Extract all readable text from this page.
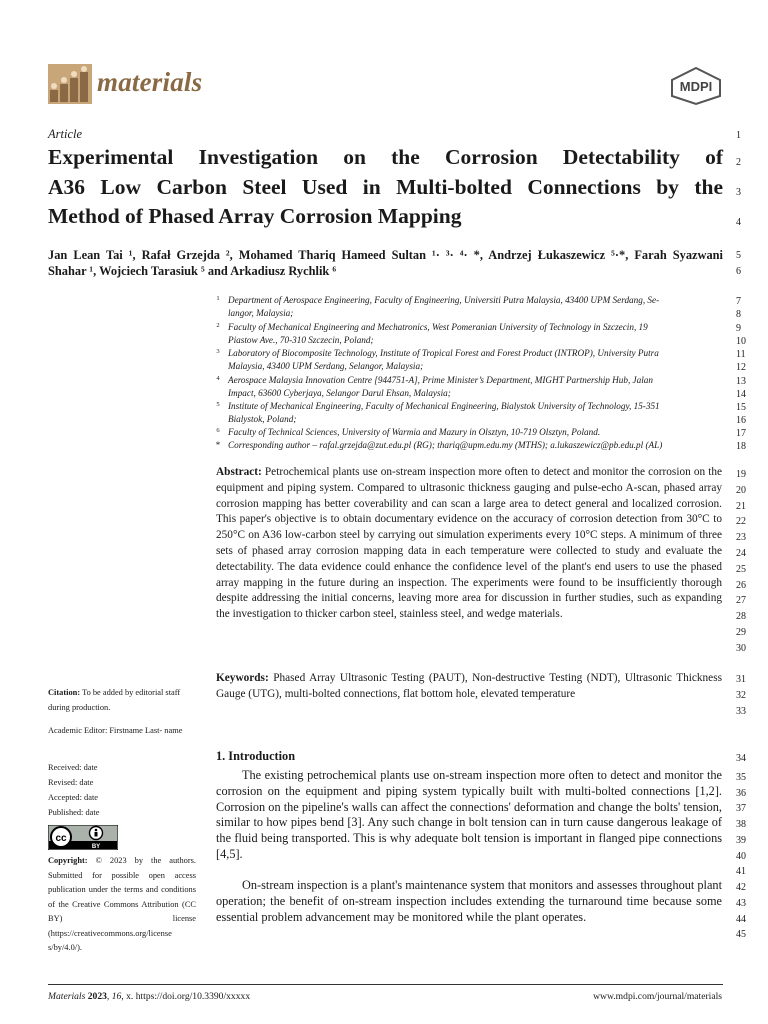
materials	MDPI
Article
Experimental Investigation on the Corrosion Detectability of
A36 Low Carbon Steel Used in Multi-bolted Connections by the
Method of Phased Array Corrosion Mapping
Jan Lean Tai ¹, Rafał Grzejda ², Mohamed Thariq Hameed Sultan ¹· ³· ⁴· *, Andrzej Łukaszewicz ⁵·*, Farah Syazwani
Shahar ¹, Wojciech Tarasiuk ⁵ and Arkadiusz Rychlik ⁶
1 Department of Aerospace Engineering, Faculty of Engineering, Universiti Putra Malaysia, 43400 UPM Serdang, Se-
langor, Malaysia;
2 Faculty of Mechanical Engineering and Mechatronics, West Pomeranian University of Technology in Szczecin, 19
Piastow Ave., 70-310 Szczecin, Poland;
3 Laboratory of Biocomposite Technology, Institute of Tropical Forest and Forest Product (INTROP), University Putra
Malaysia, 43400 UPM Serdang, Selangor, Malaysia;
4 Aerospace Malaysia Innovation Centre [944751-A], Prime Minister’s Department, MIGHT Partnership Hub, Jalan
Impact, 63600 Cyberjaya, Selangor Darul Ehsan, Malaysia;
5 Institute of Mechanical Engineering, Faculty of Mechanical Engineering, Bialystok University of Technology, 15-351
Bialystok, Poland;
6 Faculty of Technical Sciences, University of Warmia and Mazury in Olsztyn, 10-719 Olsztyn, Poland.
* Corresponding author – rafal.grzejda@zut.edu.pl (RG); thariq@upm.edu.my (MTHS); a.lukaszewicz@pb.edu.pl (AL)
Abstract: Petrochemical plants use on-stream inspection more often to detect and monitor the corrosion on the equipment and piping system. Compared to ultrasonic thickness gauging and pulse-echo A-scan, phased array corrosion mapping has better coverability and can scan a large area to detect general and localized corrosion. This paper's objective is to obtain documentary evidence on the accuracy of corrosion detection from 30°C to 250°C on A36 low-carbon steel by carrying out simulation experiments every 10°C steps. A minimum of three sets of phased array corrosion mapping data in each temperature were collected to study and evaluate the detectability. The data evidence could enhance the confidence level of the plant's end users to use the phased array mapping in the future during an inspection. The experiments were found to be insufficiently thorough despite addressing the initial concerns, leaving more area for discussion in further studies, such as expanding the investigation to thicker carbon steel, stainless steel, and wedge materials.
Keywords: Phased Array Ultrasonic Testing (PAUT), Non-destructive Testing (NDT), Ultrasonic Thickness Gauge (UTG), multi-bolted connections, flat bottom hole, elevated temperature
Citation: To be added by editorial staff during production.
Academic Editor: Firstname Last- name
Received: date
Revised: date
Accepted: date
Published: date
cc
BY
Copyright: © 2023 by the authors. Submitted for possible open access publication under the terms and conditions of the Creative Commons Attribution (CC BY) license (https://creativecommons.org/license s/by/4.0/).
1. Introduction
The existing petrochemical plants use on-stream inspection more often to detect and monitor the corrosion on the equipment and piping system typically built with multi-bolted connections [1,2]. Corrosion on the pipeline's walls can affect the connections' deformation and change the bolts' tension, similar to how pipes bend [3]. Any such change in bolt tension can in turn cause dangerous leakage of the fluid being transported. This is why adequate bolt tension is important in flanged pipe connections [4,5].
On-stream inspection is a plant's maintenance system that monitors and assesses throughout plant operation; the benefit of on-stream inspection includes extending the turnaround time because some essential problem advancement may be monitored while the plant operates.
1
2
3
4
5
6
7
8
9
10
11
12
13
14
15
16
17
18
19
20
21
22
23
24
25
26
27
28
29
30
31
32
33
34
35
36
37
38
39
40
41
42
43
44
45
Materials 2023, 16, x. https://doi.org/10.3390/xxxxx	www.mdpi.com/journal/materials
